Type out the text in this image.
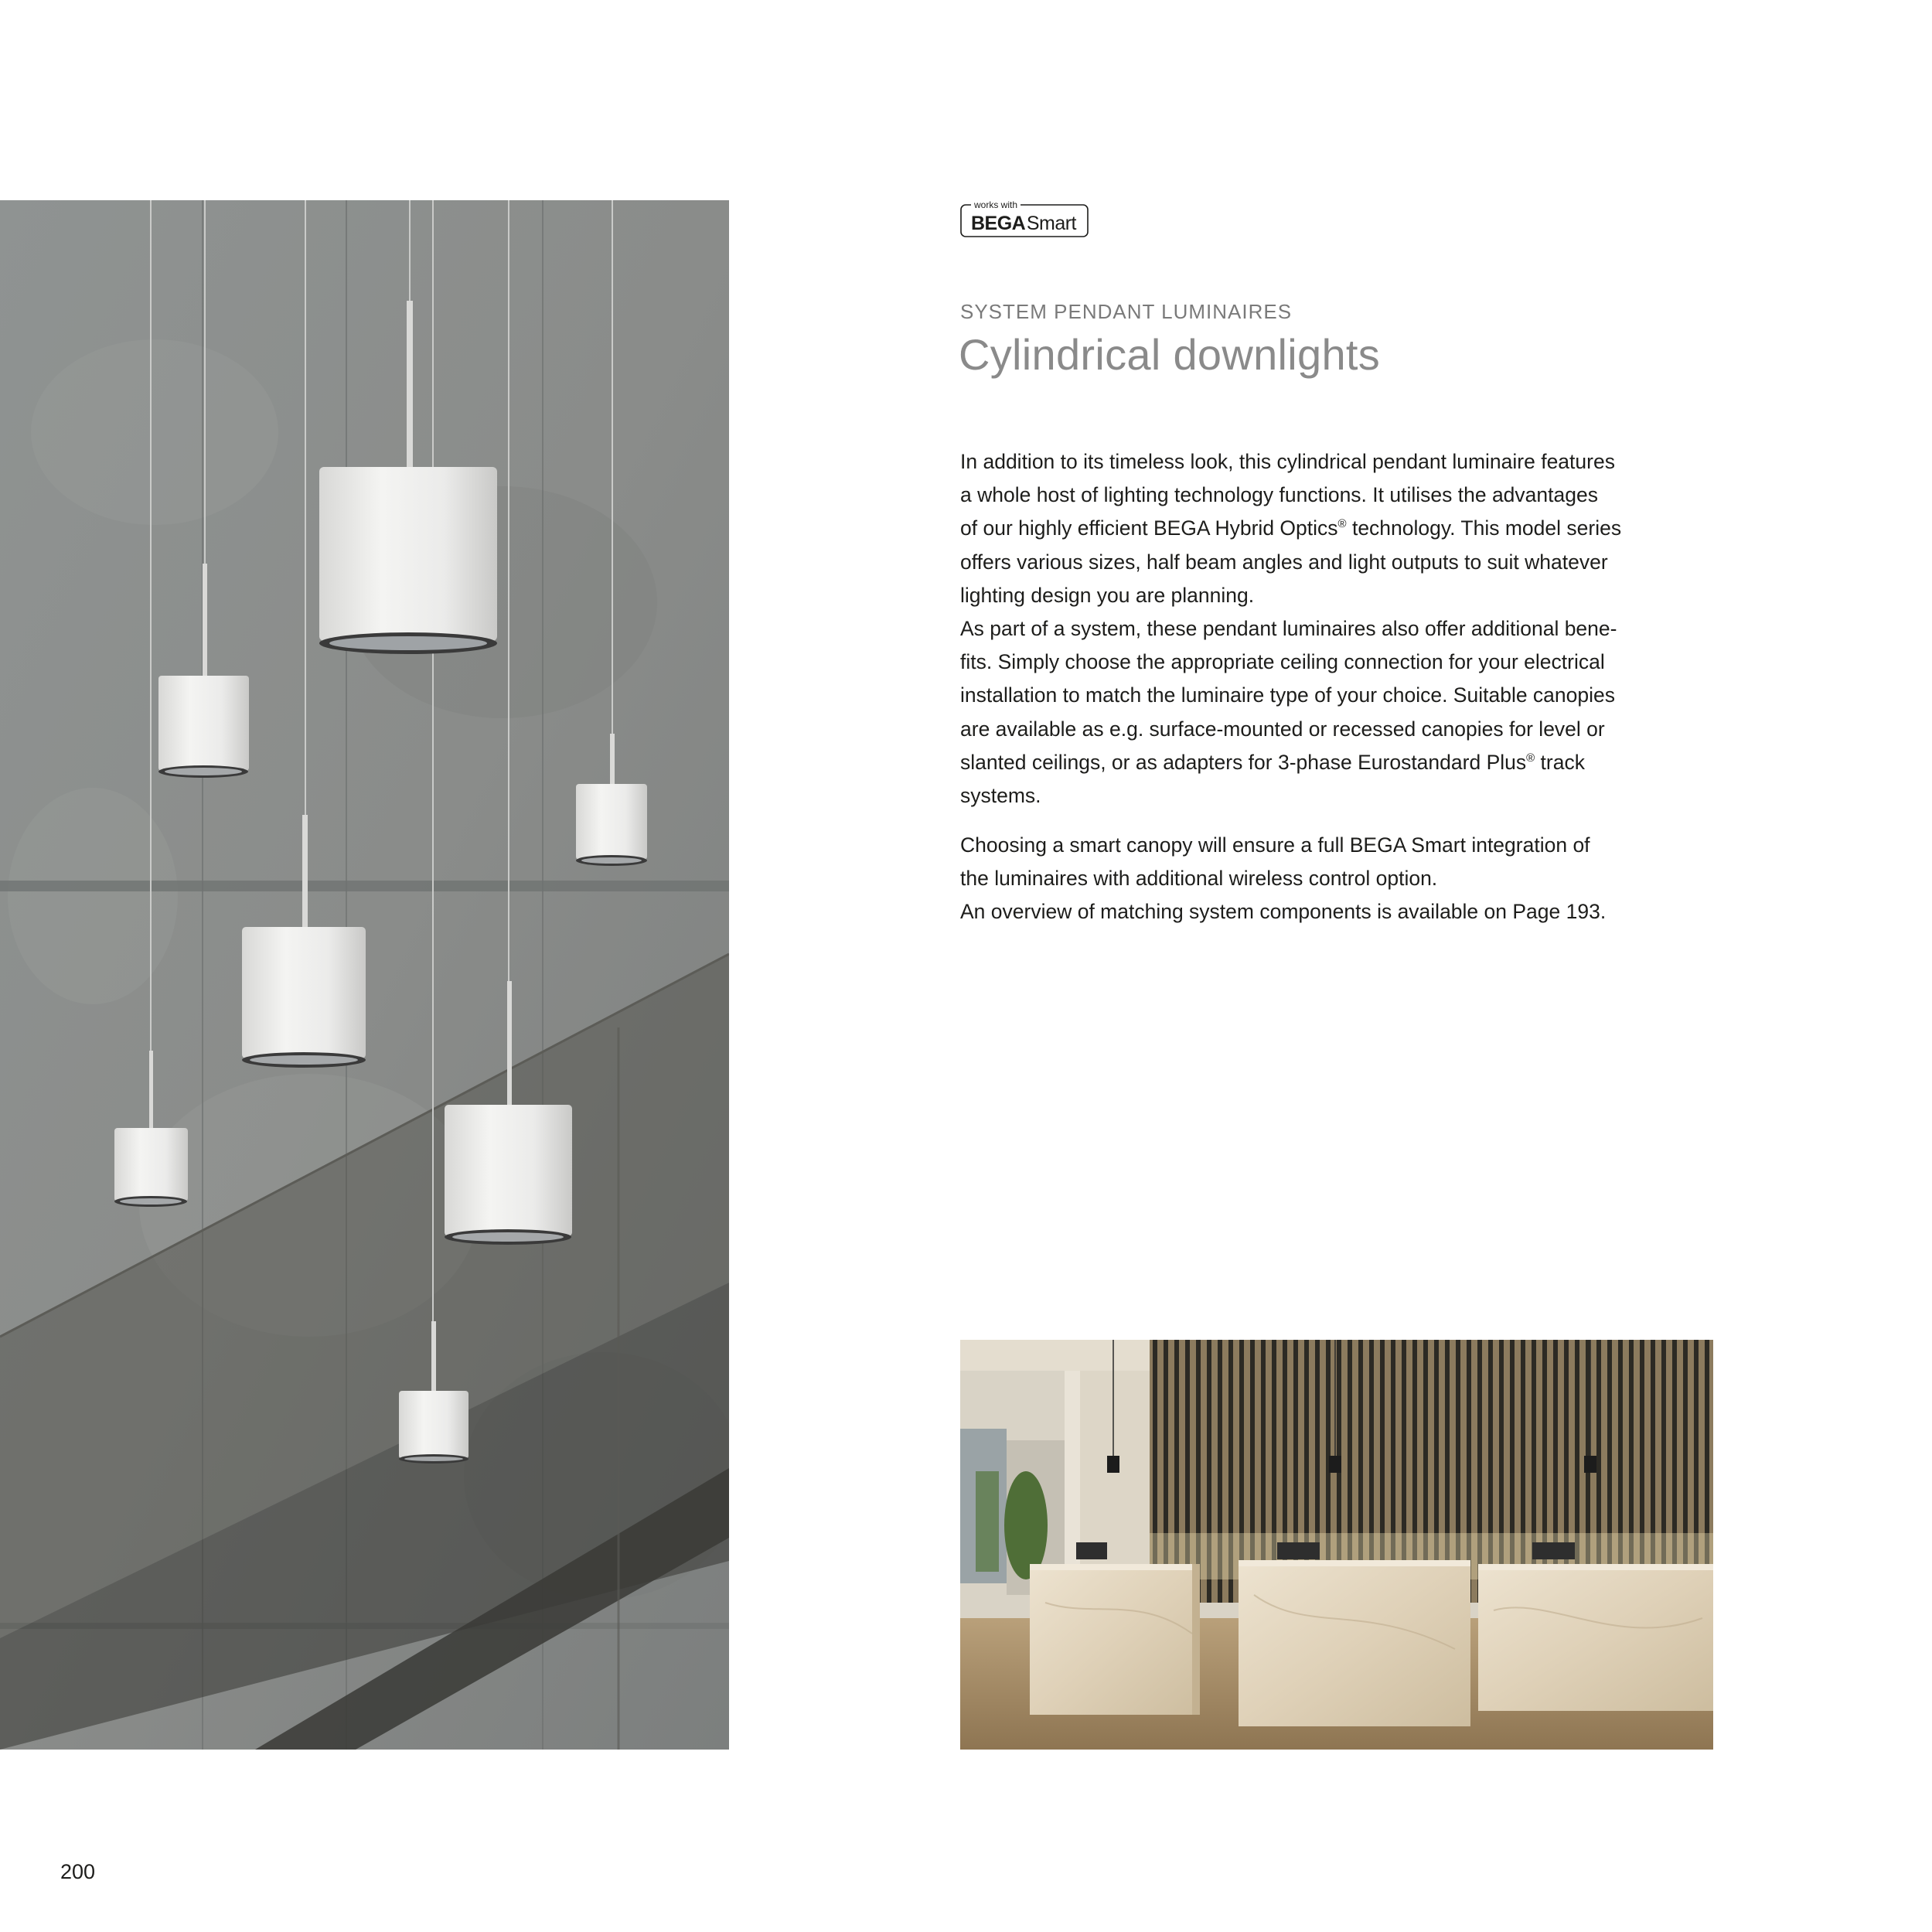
works with
BEGA Smart
SYSTEM PENDANT LUMINAIRES
Cylindrical downlights

In addition to its timeless look, this cylindrical pendant luminaire features

a whole host of lighting technology functions. It utilises the advantages

of our highly efficient BEGA Hybrid Optics® technology. This model series

offers various sizes, half beam angles and light outputs to suit whatever

lighting design you are planning.

As part of a system, these pendant luminaires also offer additional bene-

fits. Simply choose the appropriate ceiling connection for your electrical

installation to match the luminaire type of your choice. Suitable canopies

are available as e.g. surface-mounted or recessed canopies for level or

slanted ceilings, or as adapters for 3-phase Eurostandard Plus® track

systems.

Choosing a smart canopy will ensure a full BEGA Smart integration of

the luminaires with additional wireless control option.

An overview of matching system components is available on Page 193.

200
